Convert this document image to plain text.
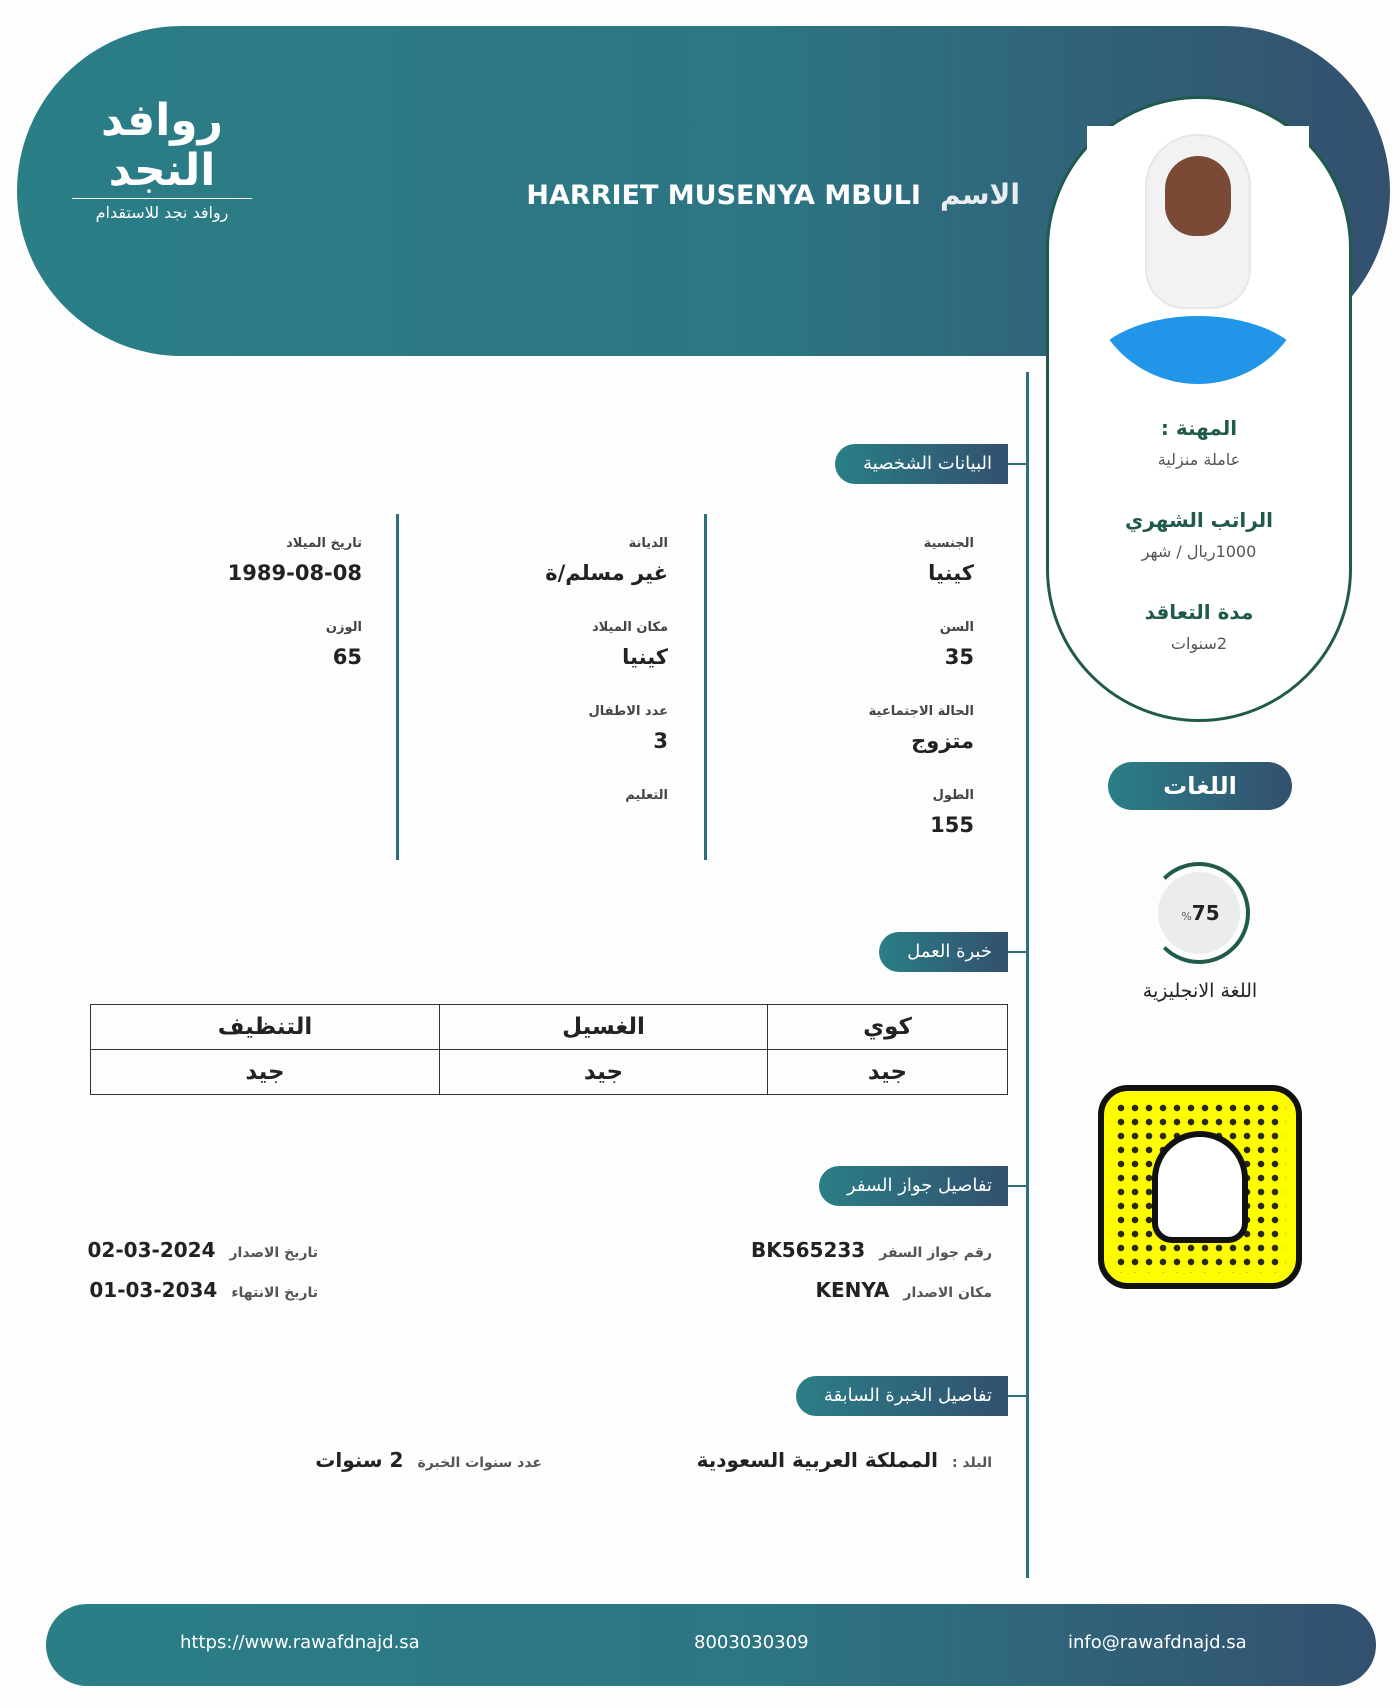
روافد النجد
روافد نجد للاستقدام
الاسم HARRIET MUSENYA MBULI
المهنة :
عاملة منزلية
الراتب الشهري
1000ريال / شهر
مدة التعاقد
2سنوات
اللغات
%75
اللغة الانجليزية
البيانات الشخصية
الجنسية
كينيا
السن
35
الحالة الاجتماعية
متزوج
الطول
155
الديانة
غير مسلم/ة
مكان الميلاد
كينيا
عدد الاطفال
3
التعليم
تاريخ الميلاد
1989-08-08
الوزن
65
خبرة العمل
كوي	الغسيل	التنظيف
جيد	جيد	جيد
تفاصيل جواز السفر
رقم جواز السفرBK565233
مكان الاصدارKENYA
تاريخ الاصدار2024-03-02
تاريخ الانتهاء2034-03-01
تفاصيل الخبرة السابقة
البلد :المملكة العربية السعودية
عدد سنوات الخبرة2 سنوات
https://www.rawafdnajd.sa	8003030309	info@rawafdnajd.sa
